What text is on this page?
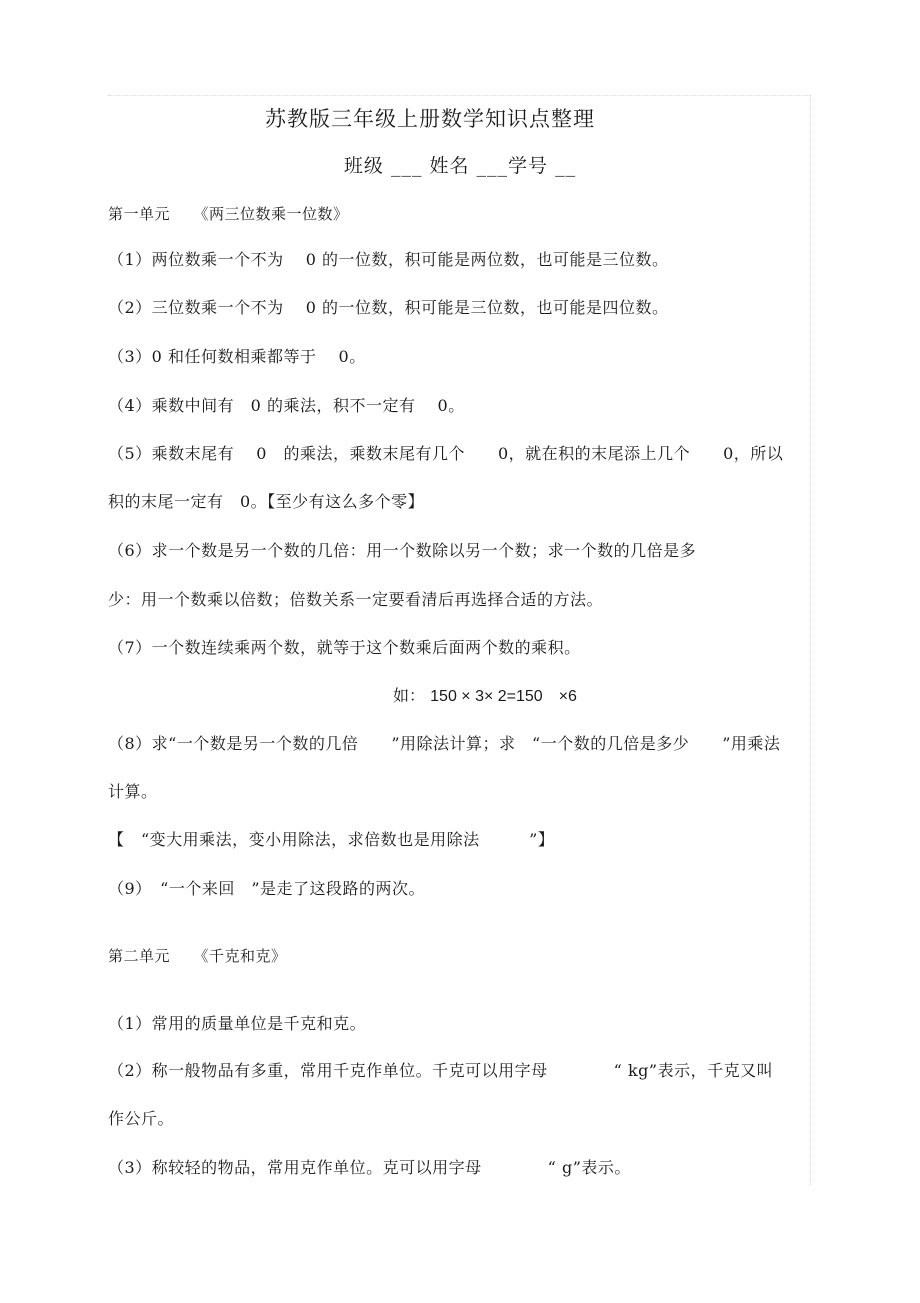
苏教版三年级上册数学知识点整理
班级 ___ 姓名 ___学号 __
第一单元　　《两三位数乘一位数》
（1）两位数乘一个不为　 0 的一位数，积可能是两位数，也可能是三位数。
（2）三位数乘一个不为　 0 的一位数，积可能是三位数，也可能是四位数。
（3）0 和任何数相乘都等于　 0。
（4）乘数中间有　0 的乘法，积不一定有　 0。
（5）乘数末尾有　 0　的乘法，乘数末尾有几个　　0，就在积的末尾添上几个　　0，所以
积的末尾一定有　0。【至少有这么多个零】
（6）求一个数是另一个数的几倍：用一个数除以另一个数；求一个数的几倍是多
少：用一个数乘以倍数；倍数关系一定要看清后再选择合适的方法。
（7）一个数连续乘两个数，就等于这个数乘后面两个数的乘积。
如： 150 × 3× 2=150　×6
（8）求“一个数是另一个数的几倍　　”用除法计算；求　“一个数的几倍是多少　　”用乘法
计算。
【　“变大用乘法，变小用除法，求倍数也是用除法　　　”】
（9）　“一个来回　”是走了这段路的两次。
第二单元　　《千克和克》
（1）常用的质量单位是千克和克。
（2）称一般物品有多重，常用千克作单位。千克可以用字母　　　　“ kg”表示，千克又叫
作公斤。
（3）称较轻的物品，常用克作单位。克可以用字母　　　　“ g”表示。
